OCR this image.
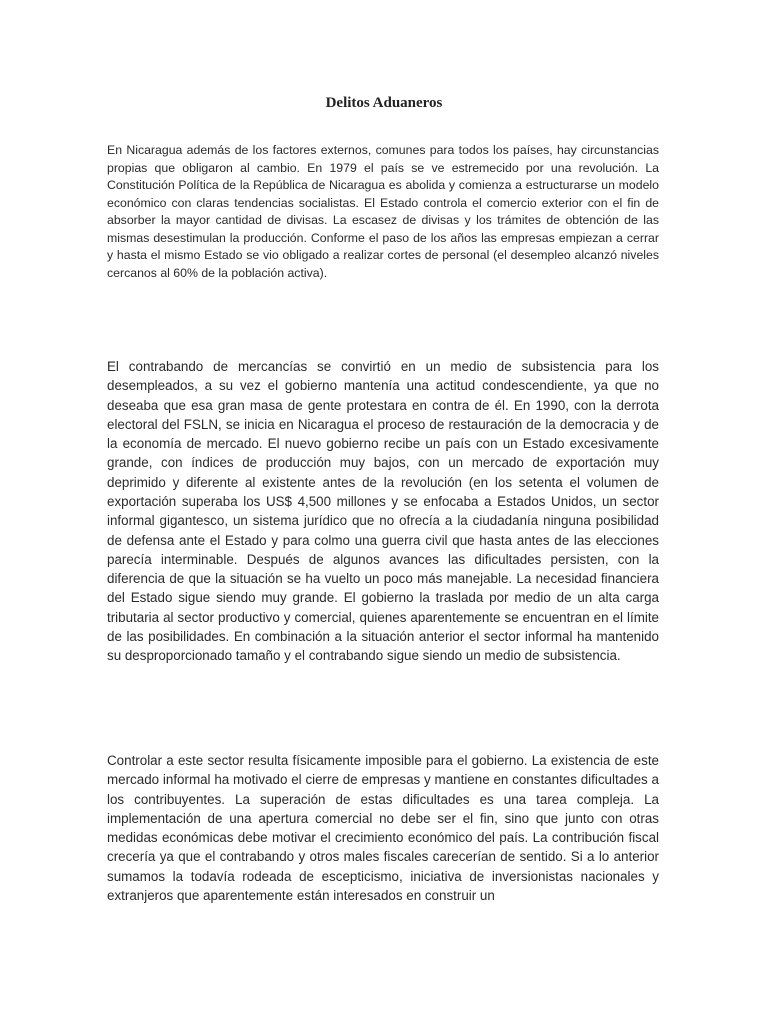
Delitos Aduaneros

En Nicaragua además de los factores externos, comunes para todos los países, hay circunstancias propias que obligaron al cambio. En 1979 el país se ve estremecido por una revolución. La Constitución Política de la República de Nicaragua es abolida y comienza a estructurarse un modelo económico con claras tendencias socialistas. El Estado controla el comercio exterior con el fin de absorber la mayor cantidad de divisas. La escasez de divisas y los trámites de obtención de las mismas desestimulan la producción. Conforme el paso de los años las empresas empiezan a cerrar y hasta el mismo Estado se vio obligado a realizar cortes de personal (el desempleo alcanzó niveles cercanos al 60% de la población activa).

El contrabando de mercancías se convirtió en un medio de subsistencia para los desempleados, a su vez el gobierno mantenía una actitud condescendiente, ya que no deseaba que esa gran masa de gente protestara en contra de él. En 1990, con la derrota electoral del FSLN, se inicia en Nicaragua el proceso de restauración de la democracia y de la economía de mercado. El nuevo gobierno recibe un país con un Estado excesivamente grande, con índices de producción muy bajos, con un mercado de exportación muy deprimido y diferente al existente antes de la revolución (en los setenta el volumen de exportación superaba los US$ 4,500 millones y se enfocaba a Estados Unidos, un sector informal gigantesco, un sistema jurídico que no ofrecía a la ciudadanía ninguna posibilidad de defensa ante el Estado y para colmo una guerra civil que hasta antes de las elecciones parecía interminable. Después de algunos avances las dificultades persisten, con la diferencia de que la situación se ha vuelto un poco más manejable. La necesidad financiera del Estado sigue siendo muy grande. El gobierno la traslada por medio de un alta carga tributaria al sector productivo y comercial, quienes aparentemente se encuentran en el límite de las posibilidades. En combinación a la situación anterior el sector informal ha mantenido su desproporcionado tamaño y el contrabando sigue siendo un medio de subsistencia.

Controlar a este sector resulta físicamente imposible para el gobierno. La existencia de este mercado informal ha motivado el cierre de empresas y mantiene en constantes dificultades a los contribuyentes. La superación de estas dificultades es una tarea compleja. La implementación de una apertura comercial no debe ser el fin, sino que junto con otras medidas económicas debe motivar el crecimiento económico del país. La contribución fiscal crecería ya que el contrabando y otros males fiscales carecerían de sentido. Si a lo anterior sumamos la todavía rodeada de escepticismo, iniciativa de inversionistas nacionales y extranjeros que aparentemente están interesados en construir un
